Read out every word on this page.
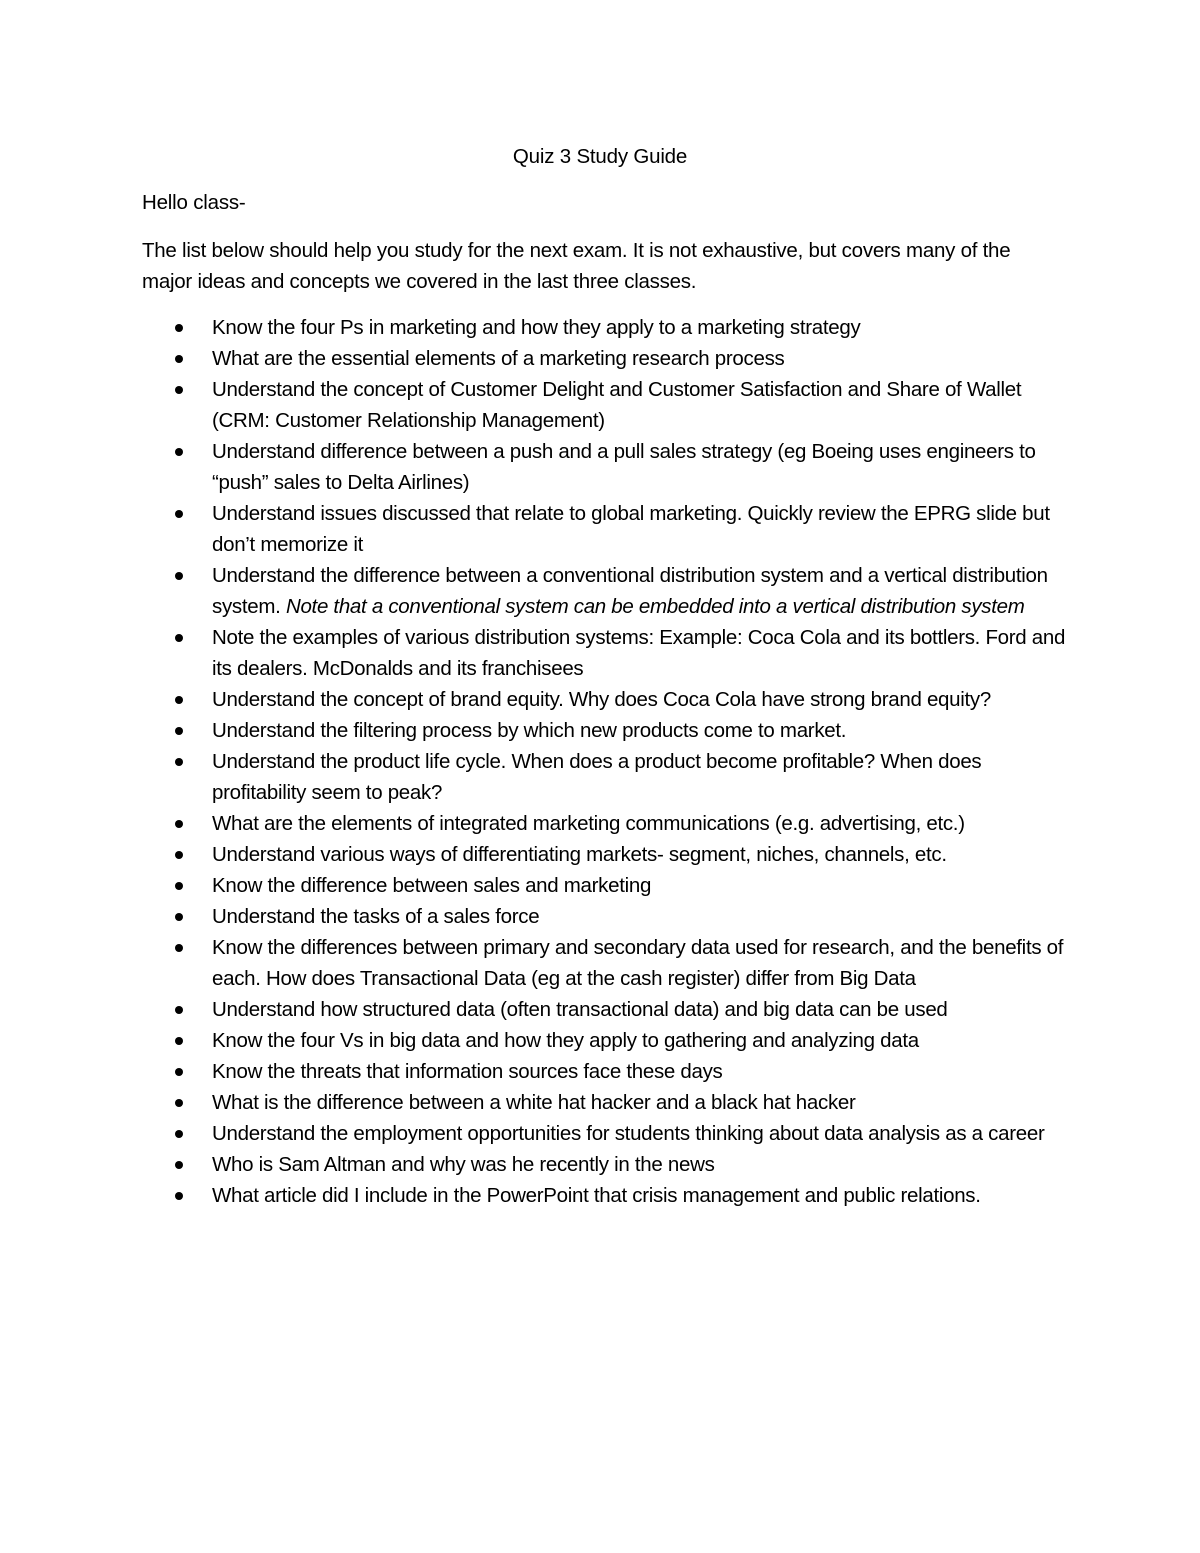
Quiz 3 Study Guide
Hello class-
The list below should help you study for the next exam. It is not exhaustive, but covers many of the major ideas and concepts we covered in the last three classes.
Know the four Ps in marketing and how they apply to a marketing strategy
What are the essential elements of a marketing research process
Understand the concept of Customer Delight and Customer Satisfaction and Share of Wallet (CRM: Customer Relationship Management)
Understand difference between a push and a pull sales strategy (eg Boeing uses engineers to “push” sales to Delta Airlines)
Understand issues discussed that relate to global marketing. Quickly review the EPRG slide but don’t memorize it
Understand the difference between a conventional distribution system and a vertical distribution system. Note that a conventional system can be embedded into a vertical distribution system
Note the examples of various distribution systems: Example: Coca Cola and its bottlers. Ford and its dealers. McDonalds and its franchisees
Understand the concept of brand equity. Why does Coca Cola have strong brand equity?
Understand the filtering process by which new products come to market.
Understand the product life cycle. When does a product become profitable? When does profitability seem to peak?
What are the elements of integrated marketing communications (e.g. advertising, etc.)
Understand various ways of differentiating markets- segment, niches, channels, etc.
Know the difference between sales and marketing
Understand the tasks of a sales force
Know the differences between primary and secondary data used for research, and the benefits of each. How does Transactional Data (eg at the cash register) differ from Big Data
Understand how structured data (often transactional data) and big data can be used
Know the four Vs in big data and how they apply to gathering and analyzing data
Know the threats that information sources face these days
What is the difference between a white hat hacker and a black hat hacker
Understand the employment opportunities for students thinking about data analysis as a career
Who is Sam Altman and why was he recently in the news
What article did I include in the PowerPoint that crisis management and public relations.
